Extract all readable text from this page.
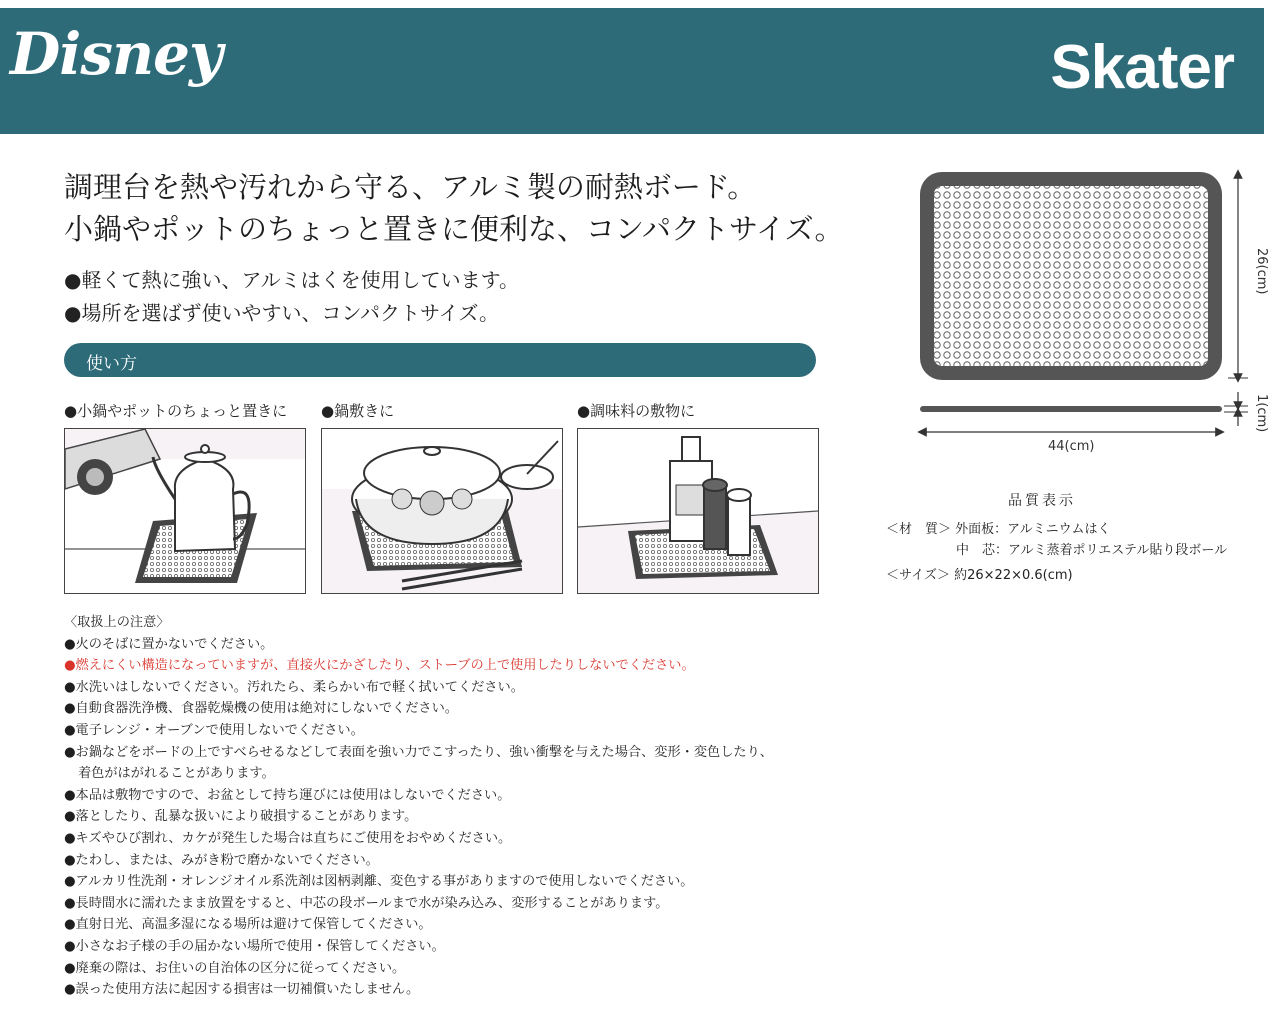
Disney	Skater
調理台を熱や汚れから守る、アルミ製の耐熱ボード。
小鍋やポットのちょっと置きに便利な、コンパクトサイズ。
●軽くて熱に強い、アルミはくを使用しています。
●場所を選ばず使いやすい、コンパクトサイズ。
使い方
●小鍋やポットのちょっと置きに ●鍋敷きに	●調味料の敷物に
〈取扱上の注意〉
●火のそばに置かないでください。
●燃えにくい構造になっていますが、直接火にかざしたり、ストーブの上で使用したりしないでください。
●水洗いはしないでください。汚れたら、柔らかい布で軽く拭いてください。
●自動食器洗浄機、食器乾燥機の使用は絶対にしないでください。
●電子レンジ・オーブンで使用しないでください。
●お鍋などをボードの上ですべらせるなどして表面を強い力でこすったり、強い衝撃を与えた場合、変形・変色したり、
着色がはがれることがあります。
●本品は敷物ですので、お盆として持ち運びには使用はしないでください。
●落としたり、乱暴な扱いにより破損することがあります。
●キズやひび割れ、カケが発生した場合は直ちにご使用をおやめください。
●たわし、または、みがき粉で磨かないでください。
●アルカリ性洗剤・オレンジオイル系洗剤は図柄剥離、変色する事がありますので使用しないでください。
●長時間水に濡れたまま放置をすると、中芯の段ボールまで水が染み込み、変形することがあります。
●直射日光、高温多湿になる場所は避けて保管してください。
●小さなお子様の手の届かない場所で使用・保管してください。
●廃棄の際は、お住いの自治体の区分に従ってください。
●誤った使用方法に起因する損害は一切補償いたしません。
26(cm)
1(cm)
44(cm)
品質表示
＜材　質＞ 外面板：アルミニウムはく
中　芯：アルミ蒸着ポリエステル貼り段ボール
＜サイズ＞ 約26×22×0.6(cm)
